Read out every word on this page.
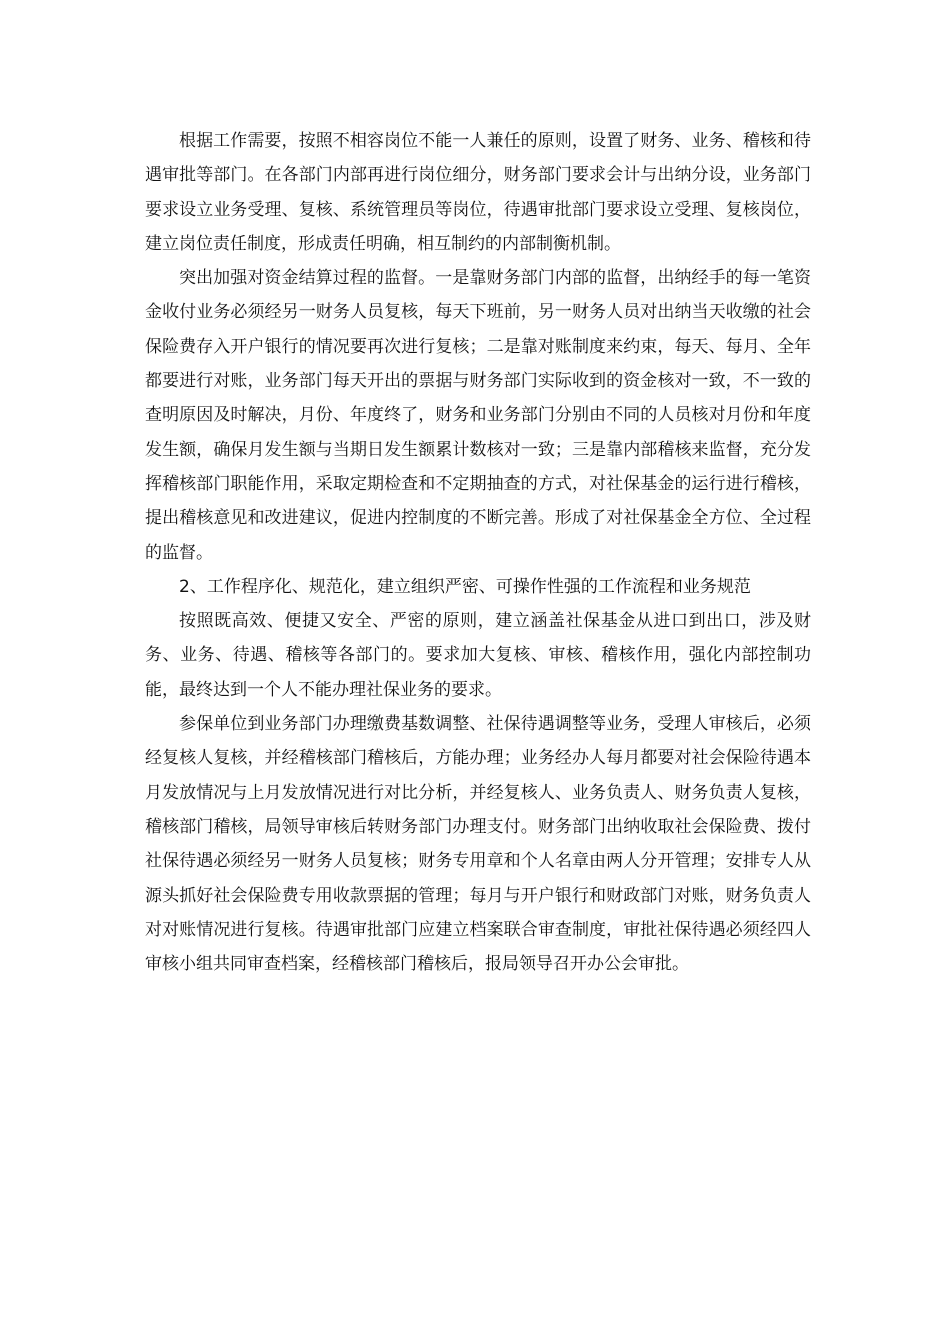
根据工作需要，按照不相容岗位不能一人兼任的原则，设置了财务、业务、稽核和待遇审批等部门。在各部门内部再进行岗位细分，财务部门要求会计与出纳分设，业务部门要求设立业务受理、复核、系统管理员等岗位，待遇审批部门要求设立受理、复核岗位，建立岗位责任制度，形成责任明确，相互制约的内部制衡机制。

突出加强对资金结算过程的监督。一是靠财务部门内部的监督，出纳经手的每一笔资金收付业务必须经另一财务人员复核，每天下班前，另一财务人员对出纳当天收缴的社会保险费存入开户银行的情况要再次进行复核；二是靠对账制度来约束，每天、每月、全年都要进行对账，业务部门每天开出的票据与财务部门实际收到的资金核对一致，不一致的查明原因及时解决，月份、年度终了，财务和业务部门分别由不同的人员核对月份和年度发生额，确保月发生额与当期日发生额累计数核对一致；三是靠内部稽核来监督，充分发挥稽核部门职能作用，采取定期检查和不定期抽查的方式，对社保基金的运行进行稽核，提出稽核意见和改进建议，促进内控制度的不断完善。形成了对社保基金全方位、全过程的监督。

2、工作程序化、规范化，建立组织严密、可操作性强的工作流程和业务规范

按照既高效、便捷又安全、严密的原则，建立涵盖社保基金从进口到出口，涉及财务、业务、待遇、稽核等各部门的。要求加大复核、审核、稽核作用，强化内部控制功能，最终达到一个人不能办理社保业务的要求。

参保单位到业务部门办理缴费基数调整、社保待遇调整等业务，受理人审核后，必须经复核人复核，并经稽核部门稽核后，方能办理；业务经办人每月都要对社会保险待遇本月发放情况与上月发放情况进行对比分析，并经复核人、业务负责人、财务负责人复核，稽核部门稽核，局领导审核后转财务部门办理支付。财务部门出纳收取社会保险费、拨付社保待遇必须经另一财务人员复核；财务专用章和个人名章由两人分开管理；安排专人从源头抓好社会保险费专用收款票据的管理；每月与开户银行和财政部门对账，财务负责人对对账情况进行复核。待遇审批部门应建立档案联合审查制度，审批社保待遇必须经四人审核小组共同审查档案，经稽核部门稽核后，报局领导召开办公会审批。
